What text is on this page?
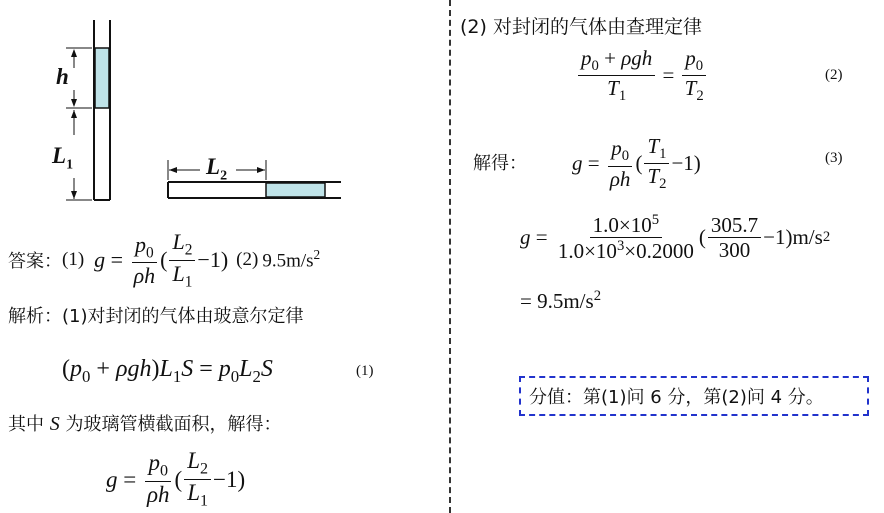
h
$L_1$	$L_2$
答案： (1) $g = \frac{p_0}{\rho h}$ ( $\frac{L_2}{L_1} -1$) (2) $9.5m/s^2$
解析：(1)对封闭的气体由玻意尔定律
$(p_0 + \rho gh)L_1S = p_0L_2S$	(1)
其中 S 为玻璃管横截面积，解得：
$g = \frac{p_0}{\rho h}$ ( $\frac{L_2}{L_1} -1$)
(2) 对封闭的气体由查理定律
$\frac{p_0 + \rho gh}{T_1} = \frac{p_0}{T_2}$	(2)
解得： $g = \frac{p_0}{\rho h}$ ( $\frac{T_1}{T_2} -1$)	(3)
$g = \frac{1.0\times 10^5}{1.0\times 10^3\times 0.2000}$ ( $\frac{305.7}{300} -1)m/s$ 2
= $9.5m/s^2$
分值：第(1)问 6 分，第(2)问 4 分。
